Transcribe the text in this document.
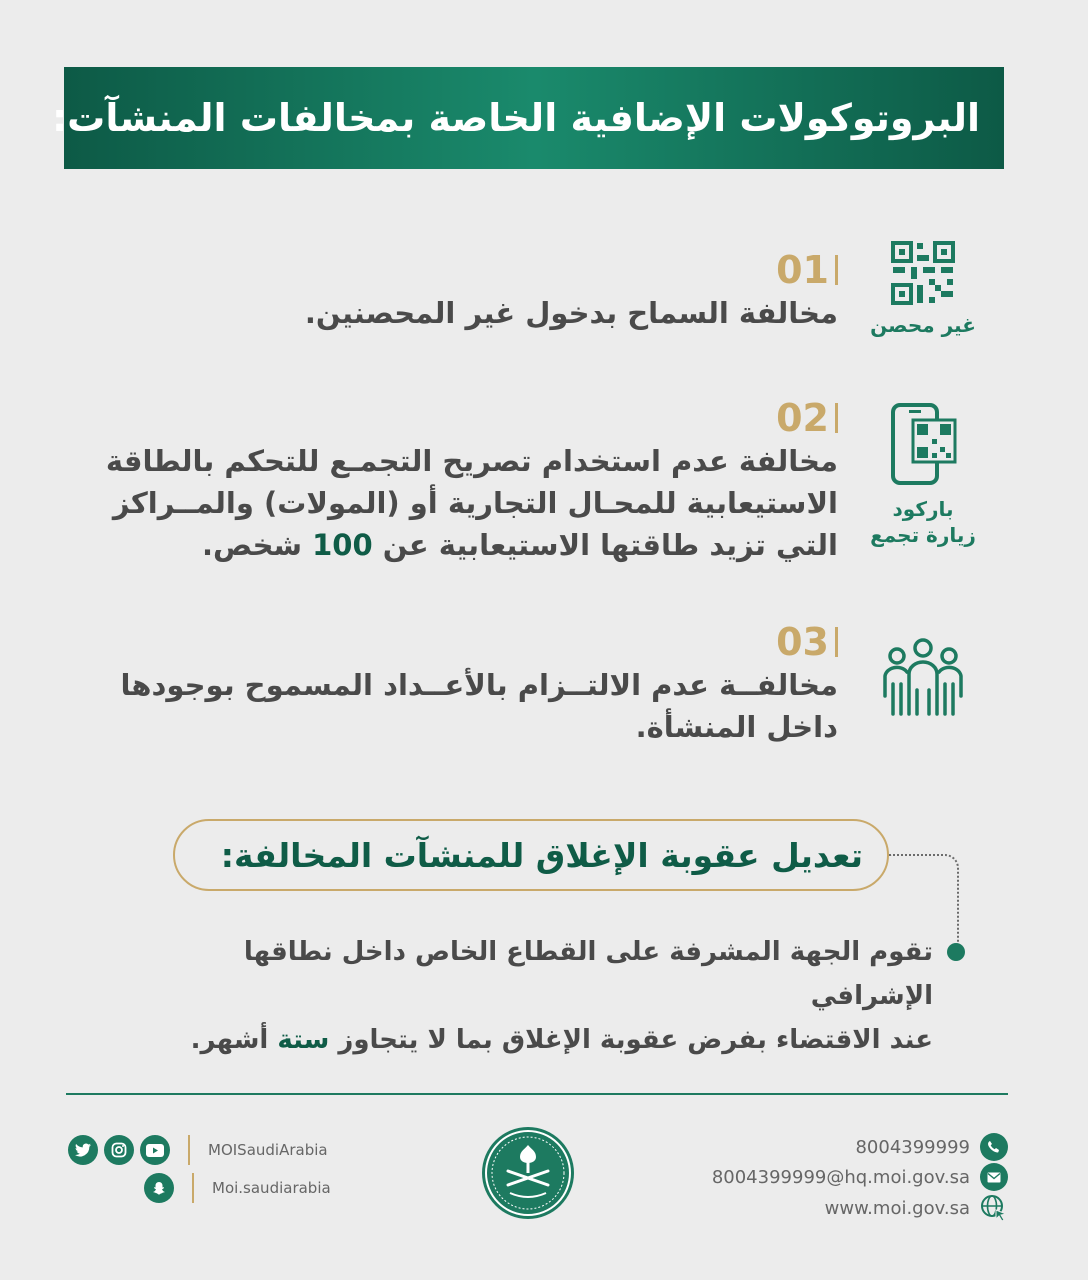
البروتوكولات الإضافية الخاصة بمخالفات المنشآت:
01

مخالفة السماح بدخول غير المحصنين.	غير محصن
02

مخالفة عدم استخدام تصريح التجمـع للتحكم بالطاقة

الاستيعابية للمحـال التجارية أو (المولات) والمــراكز

التي تزيد طاقتها الاستيعابية عن 100 شخص.

باركود
زيارة تجمع
03

مخالفــة عدم الالتــزام بالأعــداد المسموح بوجودها

داخل المنشأة.

تعديل عقوبة الإغلاق للمنشآت المخالفة:
تقوم الجهة المشرفة على القطاع الخاص داخل نطاقها الإشرافي
عند الاقتضاء بفرض عقوبة الإغلاق بما لا يتجاوز ستة أشهر.
MOISaudiArabia
Moi.saudiarabia
8004399999
8004399999@hq.moi.gov.sa
www.moi.gov.sa
